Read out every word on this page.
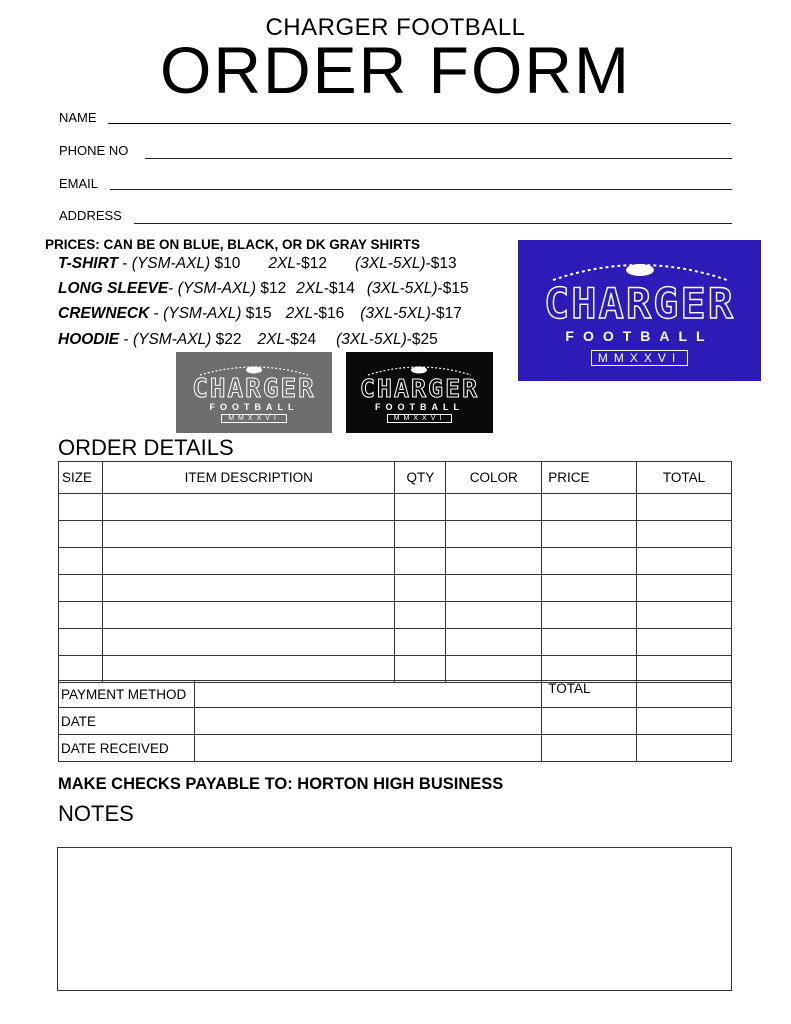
CHARGER FOOTBALL
ORDER FORM
NAME
PHONE NO
EMAIL
ADDRESS
PRICES: CAN BE ON BLUE, BLACK, OR DK GRAY SHIRTS
T-SHIRT - (YSM-AXL) $10 2XL-$12 (3XL-5XL)-$13
LONG SLEEVE- (YSM-AXL) $12 2XL-$14 (3XL-5XL)-$15
CREWNECK - (YSM-AXL) $15 2XL-$16 (3XL-5XL)-$17
HOODIE - (YSM-AXL) $22 2XL-$24 (3XL-5XL)-$25
CHARGER
FOOTBALL
MMXXVI
CHARGER
FOOTBALL
MMXXVI
CHARGER
FOOTBALL
MMXXVI
ORDER DETAILS
SIZE	ITEM DESCRIPTION	QTY	COLOR	PRICE	TOTAL

PAYMENT METHOD		TOTAL	
DATE			
DATE RECEIVED			
MAKE CHECKS PAYABLE TO: HORTON HIGH BUSINESS
NOTES
